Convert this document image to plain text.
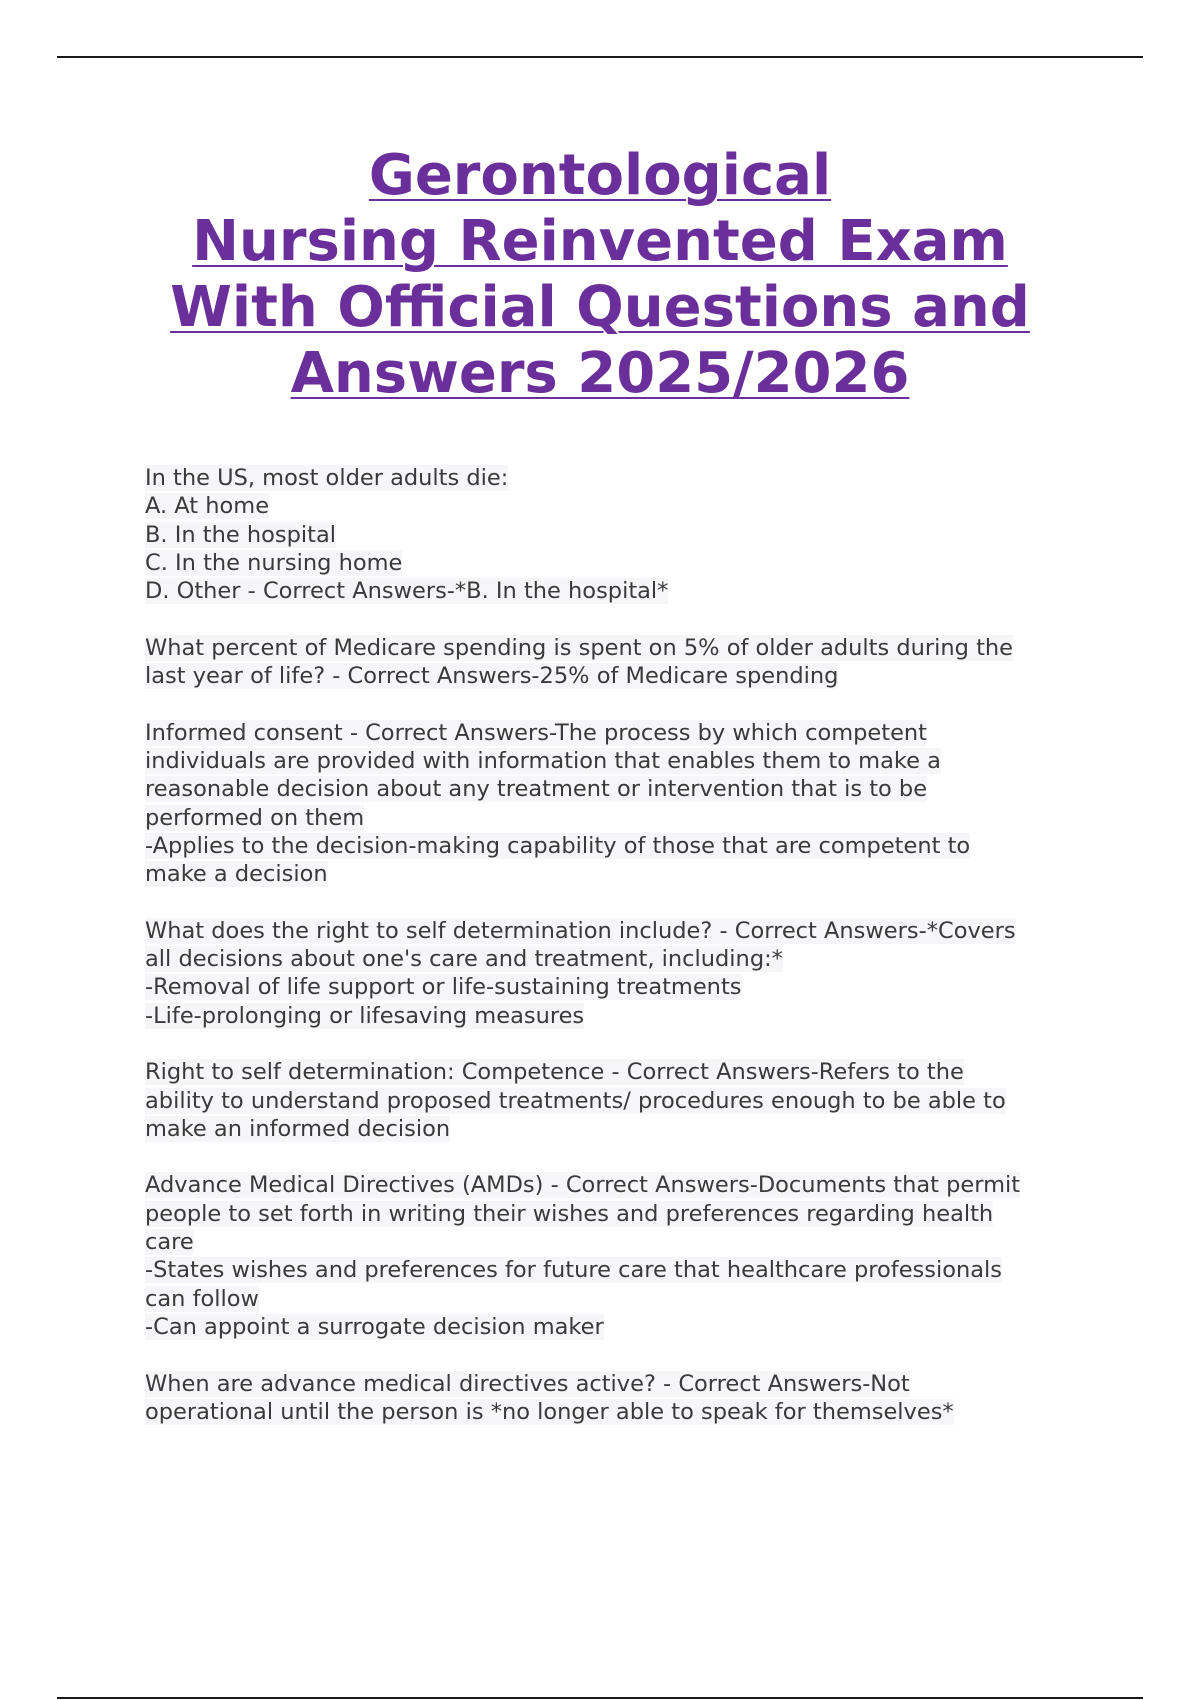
Gerontological
Nursing Reinvented Exam
With Official Questions and
Answers 2025/2026

In the US, most older adults die:
A. At home
B. In the hospital
C. In the nursing home
D. Other - Correct Answers-*B. In the hospital*

What percent of Medicare spending is spent on 5% of older adults during the
last year of life? - Correct Answers-25% of Medicare spending

Informed consent - Correct Answers-The process by which competent
individuals are provided with information that enables them to make a
reasonable decision about any treatment or intervention that is to be
performed on them
-Applies to the decision-making capability of those that are competent to
make a decision

What does the right to self determination include? - Correct Answers-*Covers
all decisions about one's care and treatment, including:*
-Removal of life support or life-sustaining treatments
-Life-prolonging or lifesaving measures

Right to self determination: Competence - Correct Answers-Refers to the
ability to understand proposed treatments/ procedures enough to be able to
make an informed decision

Advance Medical Directives (AMDs) - Correct Answers-Documents that permit
people to set forth in writing their wishes and preferences regarding health
care
-States wishes and preferences for future care that healthcare professionals
can follow
-Can appoint a surrogate decision maker

When are advance medical directives active? - Correct Answers-Not
operational until the person is *no longer able to speak for themselves*
